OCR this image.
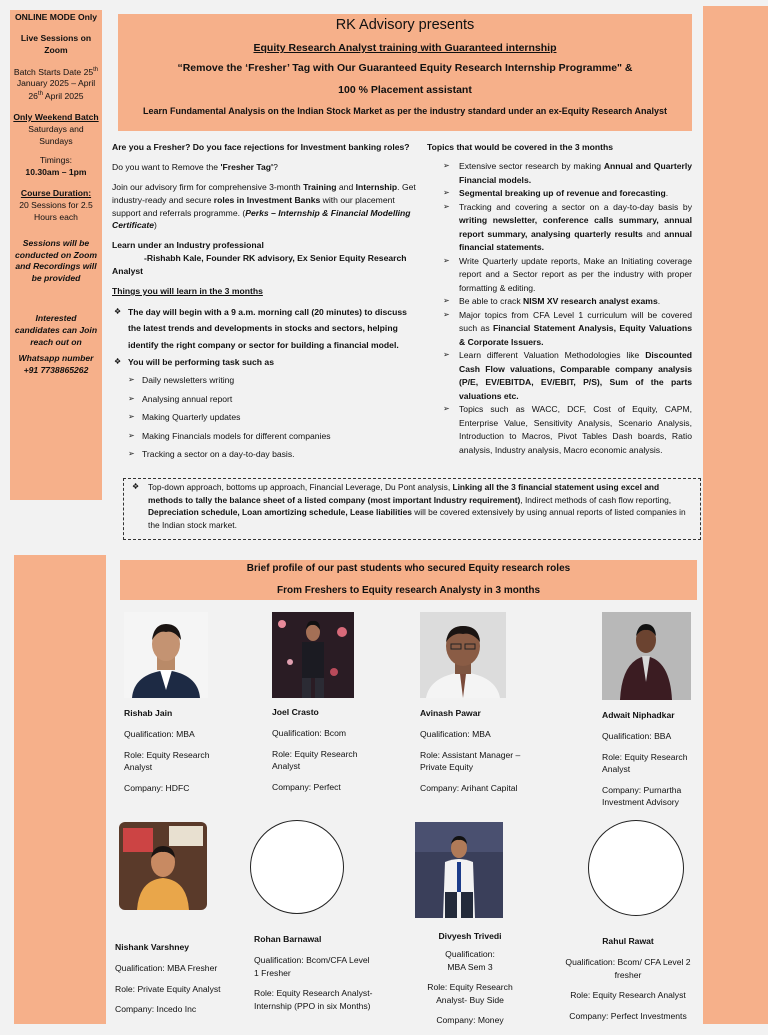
ONLINE MODE Only

Live Sessions on Zoom

Batch Starts Date 25th January 2025 – April 26th April 2025

Only Weekend Batch
Saturdays and Sundays

Timings:
10.30am – 1pm

Course Duration:
20 Sessions for 2.5 Hours each

Sessions will be conducted on Zoom and Recordings will be provided

Interested candidates can Join reach out on

Whatsapp number +91 7738865262

RK Advisory presents
Equity Research Analyst training with Guaranteed internship
“Remove the ‘Fresher’ Tag with Our Guaranteed Equity Research Internship Programme" &
100 % Placement assistant
Learn Fundamental Analysis on the Indian Stock Market as per the industry standard under an ex-Equity Research Analyst

Are you a Fresher? Do you face rejections for Investment banking roles?

Do you want to Remove the 'Fresher Tag'?

Join our advisory firm for comprehensive 3-month Training and Internship. Get industry-ready and secure roles in Investment Banks with our placement support and referrals programme. (Perks – Internship & Financial Modelling Certificate)

Learn under an Industry professional

-Rishabh Kale, Founder RK advisory, Ex Senior Equity Research Analyst

Things you will learn in the 3 months

❖ The day will begin with a 9 a.m. morning call (20 minutes) to discuss the latest trends and developments in stocks and sectors, helping identify the right company or sector for building a financial model.
❖ You will be performing task such as
➢ Daily newsletters writing
➢ Analysing annual report
➢ Making Quarterly updates
➢ Making Financials models for different companies
➢ Tracking a sector on a day-to-day basis.

Topics that would be covered in the 3 months

➢ Extensive sector research by making Annual and Quarterly Financial models.
➢ Segmental breaking up of revenue and forecasting.
➢ Tracking and covering a sector on a day-to-day basis by writing newsletter, conference calls summary, annual report summary, analysing quarterly results and annual financial statements.
➢ Write Quarterly update reports, Make an Initiating coverage report and a Sector report as per the industry with proper formatting & editing.
➢ Be able to crack NISM XV research analyst exams.
➢ Major topics from CFA Level 1 curriculum will be covered such as Financial Statement Analysis, Equity Valuations & Corporate Issuers.
➢ Learn different Valuation Methodologies like Discounted Cash Flow valuations, Comparable company analysis (P/E, EV/EBITDA, EV/EBIT, P/S), Sum of the parts valuations etc.
➢ Topics such as WACC, DCF, Cost of Equity, CAPM, Enterprise Value, Sensitivity Analysis, Scenario Analysis, Introduction to Macros, Pivot Tables Dash boards, Ratio analysis, Industry analysis, Macro economic analysis.
❖ Top-down approach, bottoms up approach, Financial Leverage, Du Pont analysis, Linking all the 3 financial statement using excel and methods to tally the balance sheet of a listed company (most important Industry requirement), Indirect methods of cash flow reporting, Depreciation schedule, Loan amortizing schedule, Lease liabilities will be covered extensively by using annual reports of listed companies in the Indian stock market.
Brief profile of our past students who secured Equity research roles
From Freshers to Equity research Analysty in 3 months
Rishab Jain

Qualification: MBA

Role: Equity Research Analyst

Company: HDFC

Joel Crasto

Qualification: Bcom

Role: Equity Research Analyst

Company: Perfect

Avinash Pawar

Qualification: MBA

Role: Assistant Manager – Private Equity

Company: Arihant Capital

Adwait Niphadkar

Qualification: BBA

Role: Equity Research Analyst

Company: Purnartha Investment Advisory

Nishank Varshney

Qualification: MBA Fresher

Role: Private Equity Analyst

Company: Incedo Inc

Rohan Barnawal

Qualification: Bcom/CFA Level 1 Fresher

Role: Equity Research Analyst- Internship (PPO in six Months)

Divyesh Trivedi

Qualification: MBA Sem 3

Role: Equity Research Analyst- Buy Side

Company: Money

Rahul Rawat

Qualification: Bcom/ CFA Level 2 fresher

Role: Equity Research Analyst

Company: Perfect Investments
